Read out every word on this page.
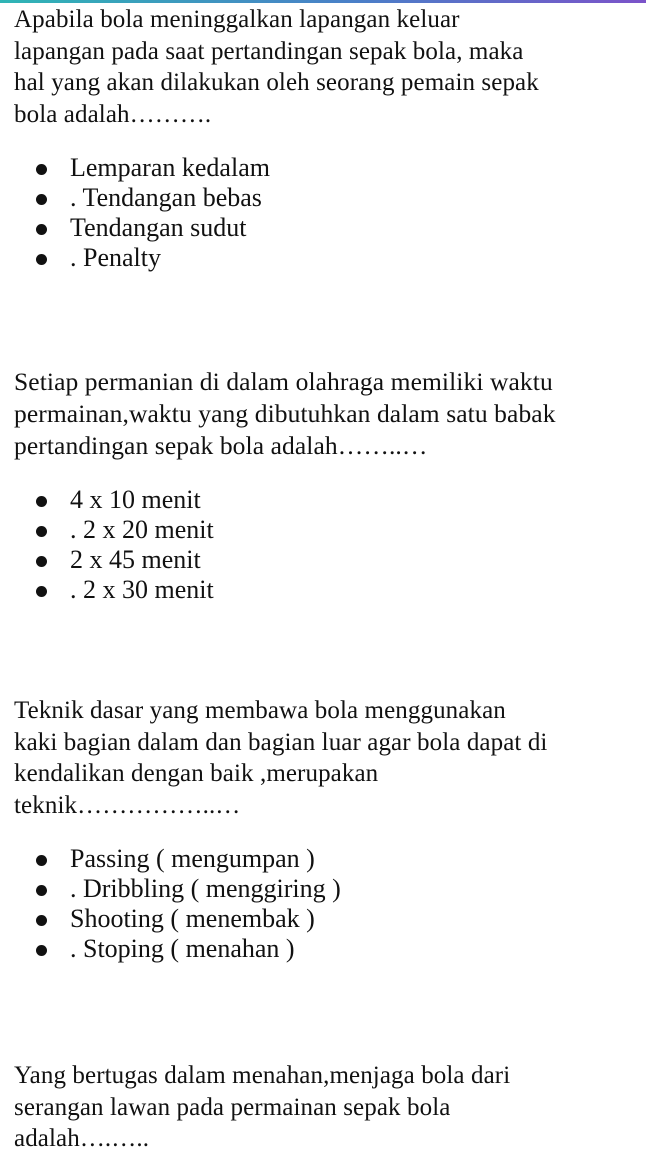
Apabila bola meninggalkan lapangan keluar
lapangan pada saat pertandingan sepak bola, maka
hal yang akan dilakukan oleh seorang pemain sepak
bola adalah……….

Lemparan kedalam
. Tendangan bebas
Tendangan sudut
. Penalty

Setiap permanian di dalam olahraga memiliki waktu
permainan,waktu yang dibutuhkan dalam satu babak
pertandingan sepak bola adalah……..…

4 x 10 menit
. 2 x 20 menit
2 x 45 menit
. 2 x 30 menit

Teknik dasar yang membawa bola menggunakan
kaki bagian dalam dan bagian luar agar bola dapat di
kendalikan dengan baik ,merupakan
teknik……………..…

Passing ( mengumpan )
. Dribbling ( menggiring )
Shooting ( menembak )
. Stoping ( menahan )

Yang bertugas dalam menahan,menjaga bola dari
serangan lawan pada permainan sepak bola
adalah….…..
